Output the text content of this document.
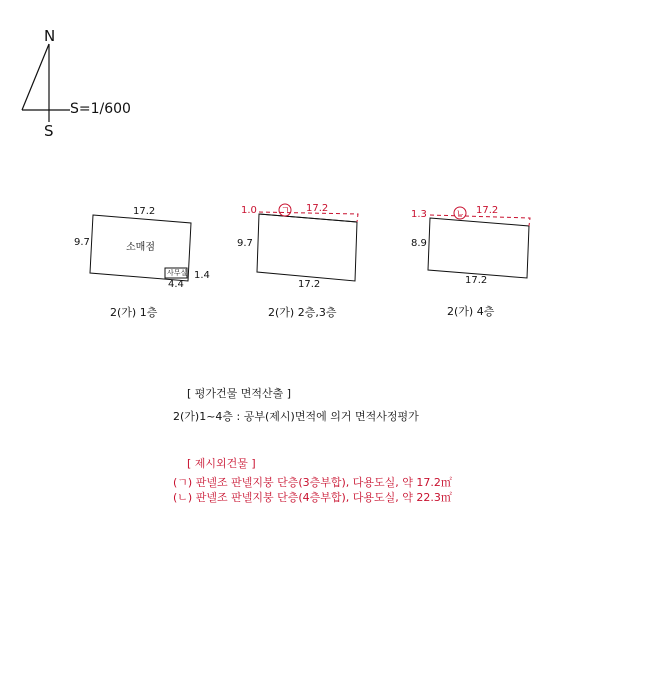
N
S
S=1/600
17.2
9.7	소매점
사무실 1.4
4.4
2(가) 1층
1.0	ㄱ 17.2
9.7
17.2
2(가) 2층,3층
1.3	ㄴ 17.2
8.9
17.2
2(가) 4층
[ 평가건물 면적산출 ]
2(가)1~4층 : 공부(제시)면적에 의거 면적사정평가
[ 제시외건물 ]
(ㄱ) 판넬조 판넬지붕 단층(3층부합), 다용도실, 약 17.2㎡
(ㄴ) 판넬조 판넬지붕 단층(4층부합), 다용도실, 약 22.3㎡
